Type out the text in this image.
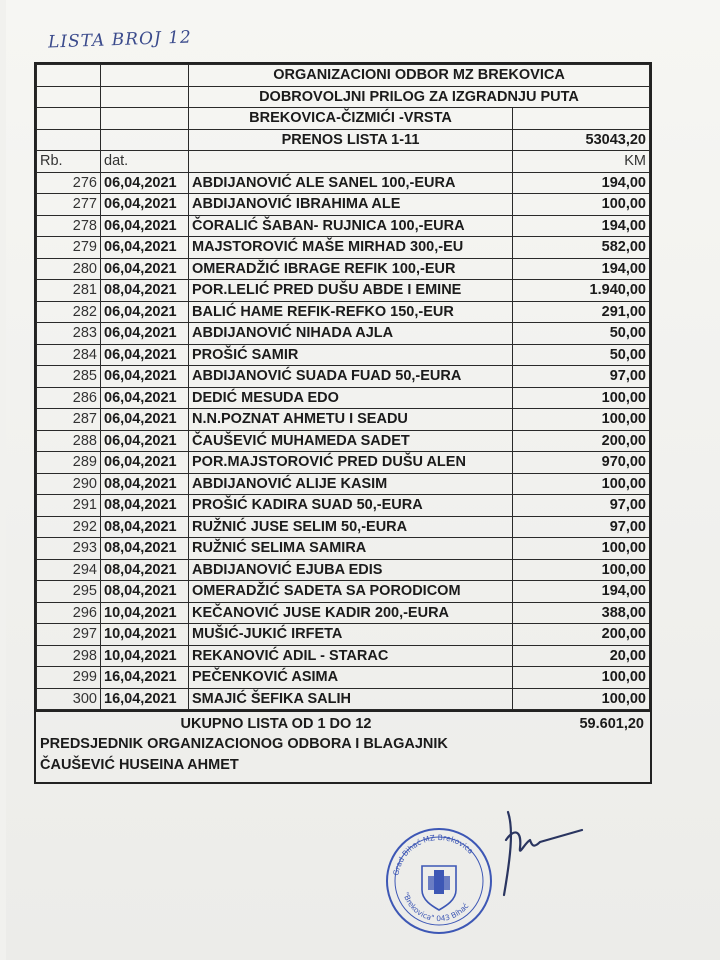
LISTA BROJ 12
		ORGANIZACIONI ODBOR MZ BREKOVICA	
		DOBROVOLJNI PRILOG ZA IZGRADNJU PUTA	
		BREKOVICA-ČIZMIĆI -VRSTA	
		PRENOS LISTA 1-11	53043,20
Rb.	dat.		KM
276	06,04,2021	ABDIJANOVIĆ ALE SANEL 100,-EURA	194,00
277	06,04,2021	ABDIJANOVIĆ IBRAHIMA ALE	100,00
278	06,04,2021	ČORALIĆ ŠABAN- RUJNICA 100,-EURA	194,00
279	06,04,2021	MAJSTOROVIĆ MAŠE MIRHAD 300,-EU	582,00
280	06,04,2021	OMERADŽIĆ IBRAGE REFIK 100,-EUR	194,00
281	08,04,2021	POR.LELIĆ PRED DUŠU ABDE I EMINE	1.940,00
282	06,04,2021	BALIĆ HAME REFIK-REFKO 150,-EUR	291,00
283	06,04,2021	ABDIJANOVIĆ NIHADA AJLA	50,00
284	06,04,2021	PROŠIĆ SAMIR	50,00
285	06,04,2021	ABDIJANOVIĆ SUADA FUAD 50,-EURA	97,00
286	06,04,2021	DEDIĆ MESUDA EDO	100,00
287	06,04,2021	N.N.POZNAT AHMETU I SEADU	100,00
288	06,04,2021	ČAUŠEVIĆ MUHAMEDA SADET	200,00
289	06,04,2021	POR.MAJSTOROVIĆ PRED DUŠU ALEN	970,00
290	08,04,2021	ABDIJANOVIĆ ALIJE KASIM	100,00
291	08,04,2021	PROŠIĆ KADIRA SUAD 50,-EURA	97,00
292	08,04,2021	RUŽNIĆ JUSE SELIM 50,-EURA	97,00
293	08,04,2021	RUŽNIĆ SELIMA SAMIRA	100,00
294	08,04,2021	ABDIJANOVIĆ EJUBA EDIS	100,00
295	08,04,2021	OMERADŽIĆ SADETA SA PORODICOM	194,00
296	10,04,2021	KEČANOVIĆ JUSE KADIR 200,-EURA	388,00
297	10,04,2021	MUŠIĆ-JUKIĆ IRFETA	200,00
298	10,04,2021	REKANOVIĆ ADIL - STARAC	20,00
299	16,04,2021	PEČENKOVIĆ ASIMA	100,00
300	16,04,2021	SMAJIĆ ŠEFIKA SALIH	100,00
UKUPNO LISTA OD 1 DO 12	59.601,20
PREDSJEDNIK ORGANIZACIONOG ODBORA I BLAGAJNIK
ČAUŠEVIĆ HUSEINA AHMET
Grad Bihać MZ Brekovica
"Brekovica" 043 Bihać
